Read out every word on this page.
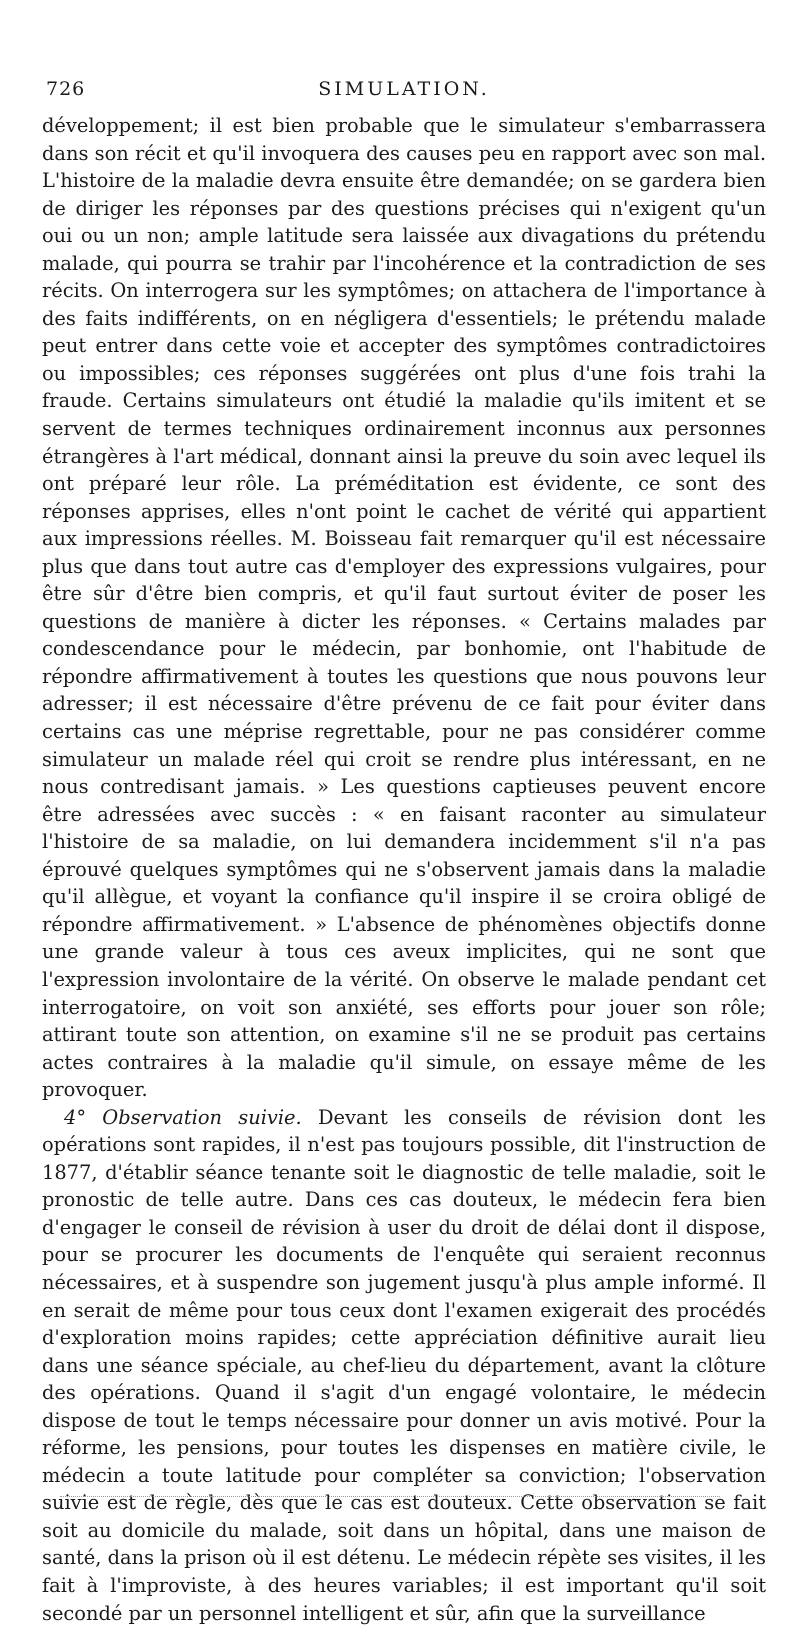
726	SIMULATION.

développement; il est bien probable que le simulateur s'embarrassera dans son récit et qu'il invoquera des causes peu en rapport avec son mal. L'histoire de la maladie devra ensuite être demandée; on se gardera bien de diriger les réponses par des questions précises qui n'exigent qu'un oui ou un non; ample latitude sera laissée aux divagations du prétendu malade, qui pourra se trahir par l'incohérence et la contradiction de ses récits. On interrogera sur les symptômes; on attachera de l'importance à des faits indifférents, on en négligera d'essentiels; le prétendu malade peut entrer dans cette voie et accepter des symptômes contradictoires ou impossibles; ces réponses suggérées ont plus d'une fois trahi la fraude. Certains simulateurs ont étudié la maladie qu'ils imitent et se servent de termes techniques ordinairement inconnus aux personnes étrangères à l'art médical, donnant ainsi la preuve du soin avec lequel ils ont préparé leur rôle. La préméditation est évidente, ce sont des réponses apprises, elles n'ont point le cachet de vérité qui appartient aux impressions réelles. M. Boisseau fait remarquer qu'il est nécessaire plus que dans tout autre cas d'employer des expressions vulgaires, pour être sûr d'être bien compris, et qu'il faut surtout éviter de poser les questions de manière à dicter les réponses. « Certains malades par condescendance pour le médecin, par bonhomie, ont l'habitude de répondre affirmativement à toutes les questions que nous pouvons leur adresser; il est nécessaire d'être prévenu de ce fait pour éviter dans certains cas une méprise regrettable, pour ne pas considérer comme simulateur un malade réel qui croit se rendre plus intéressant, en ne nous contredisant jamais. » Les questions captieuses peuvent encore être adressées avec succès : « en faisant raconter au simulateur l'histoire de sa maladie, on lui demandera incidemment s'il n'a pas éprouvé quelques symptômes qui ne s'observent jamais dans la maladie qu'il allègue, et voyant la confiance qu'il inspire il se croira obligé de répondre affirmativement. » L'absence de phénomènes objectifs donne une grande valeur à tous ces aveux implicites, qui ne sont que l'expression involontaire de la vérité. On observe le malade pendant cet interrogatoire, on voit son anxiété, ses efforts pour jouer son rôle; attirant toute son attention, on examine s'il ne se produit pas certains actes contraires à la maladie qu'il simule, on essaye même de les provoquer.

4° Observation suivie. Devant les conseils de révision dont les opérations sont rapides, il n'est pas toujours possible, dit l'instruction de 1877, d'établir séance tenante soit le diagnostic de telle maladie, soit le pronostic de telle autre. Dans ces cas douteux, le médecin fera bien d'engager le conseil de révision à user du droit de délai dont il dispose, pour se procurer les documents de l'enquête qui seraient reconnus nécessaires, et à suspendre son jugement jusqu'à plus ample informé. Il en serait de même pour tous ceux dont l'examen exigerait des procédés d'exploration moins rapides; cette appréciation définitive aurait lieu dans une séance spéciale, au chef-lieu du département, avant la clôture des opérations. Quand il s'agit d'un engagé volontaire, le médecin dispose de tout le temps nécessaire pour donner un avis motivé. Pour la réforme, les pensions, pour toutes les dispenses en matière civile, le médecin a toute latitude pour compléter sa conviction; l'observation suivie est de règle, dès que le cas est douteux. Cette observation se fait soit au domicile du malade, soit dans un hôpital, dans une maison de santé, dans la prison où il est détenu. Le médecin répète ses visites, il les fait à l'improviste, à des heures variables; il est important qu'il soit secondé par un personnel intelligent et sûr, afin que la surveillance
